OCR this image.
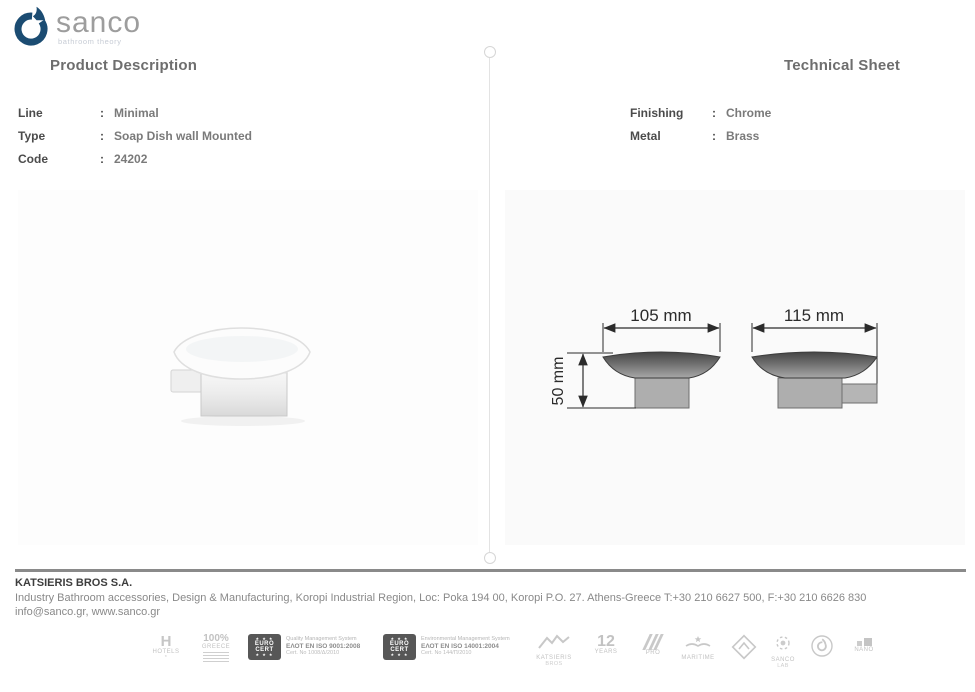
sanco
bathroom theory
Product Description	Technical Sheet
Line	: Minimal
Type	: Soap Dish wall Mounted
Code	: 24202
Finishing	: Chrome
Metal	: Brass
105 mm
50 mm
115 mm
KATSIERIS BROS S.A.
Industry Bathroom accessories, Design & Manufacturing, Koropi Industrial Region, Loc: Poka 194 00, Koropi P.O. 27. Athens-Greece T:+30 210 6627 500, F:+30 210 6626 830
info@sanco.gr, www.sanco.gr
H
HOTELS
*
100%
GREECE
★ ★ ★
EURO
CERT
★ ★ ★
Quality Management System
ΕΛΟΤ EN ISO 9001:2008
Cert. No 1008/Δ/2010
★ ★ ★
EURO
CERT
★ ★ ★
Environmental Management System
ΕΛΟΤ EN ISO 14001:2004
Cert. No 144/Π/2010
KATSIERIS
BROS
12
YEARS	PRO
MARITIME	SANCO
LAB
NANO
